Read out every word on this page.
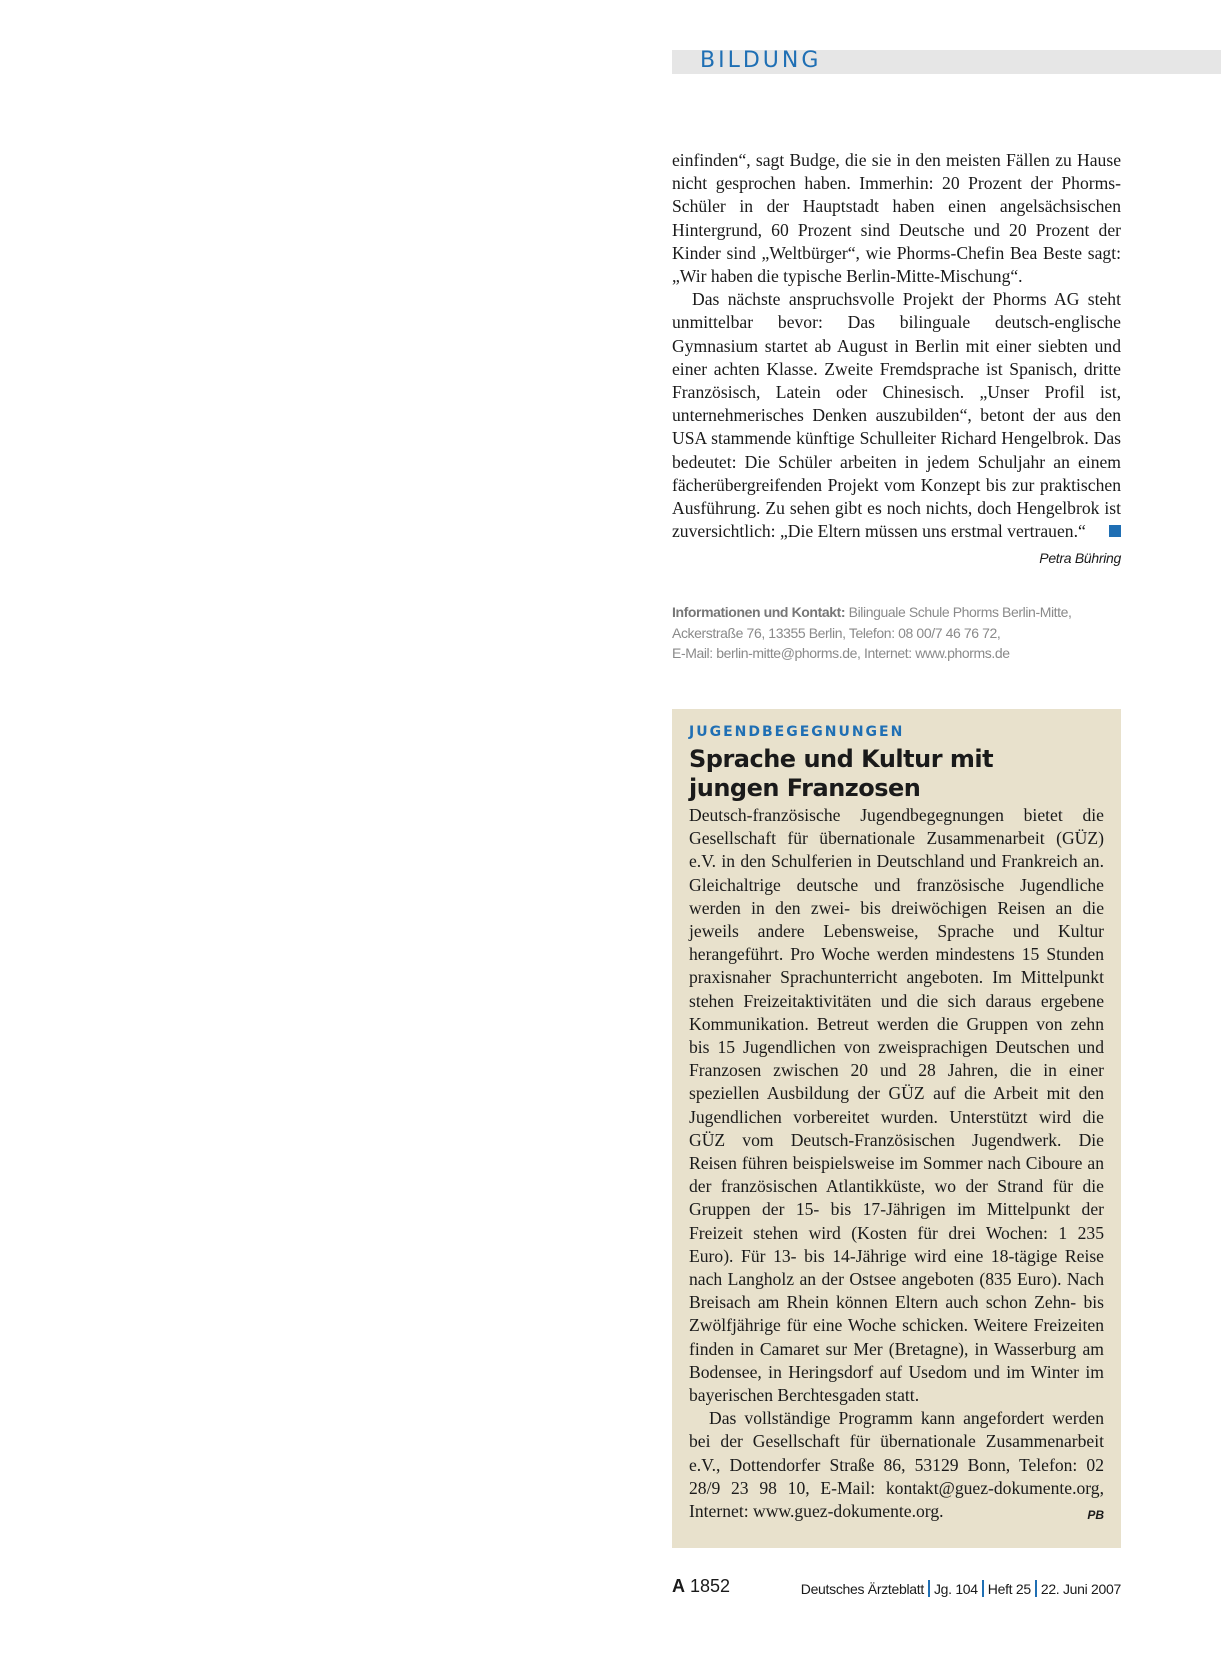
BILDUNG

einfinden“, sagt Budge, die sie in den meisten Fällen zu Hause nicht gesprochen haben. Immerhin: 20 Prozent der Phorms-Schüler in der Hauptstadt haben einen angelsächsischen Hintergrund, 60 Prozent sind Deutsche und 20 Prozent der Kinder sind „Weltbürger“, wie Phorms-Chefin Bea Beste sagt: „Wir haben die typische Berlin-Mitte-Mischung“.

Das nächste anspruchsvolle Projekt der Phorms AG steht unmittelbar bevor: Das bilinguale deutsch-englische Gymnasium startet ab August in Berlin mit einer siebten und einer achten Klasse. Zweite Fremdsprache ist Spanisch, dritte Französisch, Latein oder Chinesisch. „Unser Profil ist, unternehmerisches Denken auszubilden“, betont der aus den USA stammende künftige Schulleiter Richard Hengelbrok. Das bedeutet: Die Schüler arbeiten in jedem Schuljahr an einem fächerübergreifenden Projekt vom Konzept bis zur praktischen Ausführung. Zu sehen gibt es noch nichts, doch Hengelbrok ist zuversichtlich: „Die Eltern müssen uns erstmal vertrauen.“

Petra Bühring
Informationen und Kontakt: Bilinguale Schule Phorms Berlin-Mitte,
Ackerstraße 76, 13355 Berlin, Telefon: 08 00/7 46 76 72,
E-Mail: berlin-mitte@phorms.de, Internet: www.phorms.de
JUGENDBEGEGNUNGEN
Sprache und Kultur mit
jungen Franzosen

Deutsch-französische Jugendbegegnungen bietet die Gesellschaft für übernationale Zusammenarbeit (GÜZ) e.V. in den Schulferien in Deutschland und Frankreich an. Gleichaltrige deutsche und französische Jugendliche werden in den zwei- bis dreiwöchigen Reisen an die jeweils andere Lebensweise, Sprache und Kultur herangeführt. Pro Woche werden mindestens 15 Stunden praxisnaher Sprachunterricht angeboten. Im Mittelpunkt stehen Freizeitaktivitäten und die sich daraus ergebene Kommunikation. Betreut werden die Gruppen von zehn bis 15 Jugendlichen von zweisprachigen Deutschen und Franzosen zwischen 20 und 28 Jahren, die in einer speziellen Ausbildung der GÜZ auf die Arbeit mit den Jugendlichen vorbereitet wurden. Unterstützt wird die GÜZ vom Deutsch-Französischen Jugendwerk. Die Reisen führen beispielsweise im Sommer nach Ciboure an der französischen Atlantikküste, wo der Strand für die Gruppen der 15- bis 17-Jährigen im Mittelpunkt der Freizeit stehen wird (Kosten für drei Wochen: 1 235 Euro). Für 13- bis 14-Jährige wird eine 18-tägige Reise nach Langholz an der Ostsee angeboten (835 Euro). Nach Breisach am Rhein können Eltern auch schon Zehn- bis Zwölfjährige für eine Woche schicken. Weitere Freizeiten finden in Camaret sur Mer (Bretagne), in Wasserburg am Bodensee, in Heringsdorf auf Usedom und im Winter im bayerischen Berchtesgaden statt.

Das vollständige Programm kann angefordert werden bei der Gesellschaft für übernationale Zusammenarbeit e.V., Dottendorfer Straße 86, 53129 Bonn, Telefon: 02 28/9 23 98 10, E-Mail: kontakt@guez-dokumente.org, Internet: www.guez-dokumente.org.	PB

A 1852	Deutsches Ärzteblatt Jg. 104 Heft 25 22. Juni 2007
